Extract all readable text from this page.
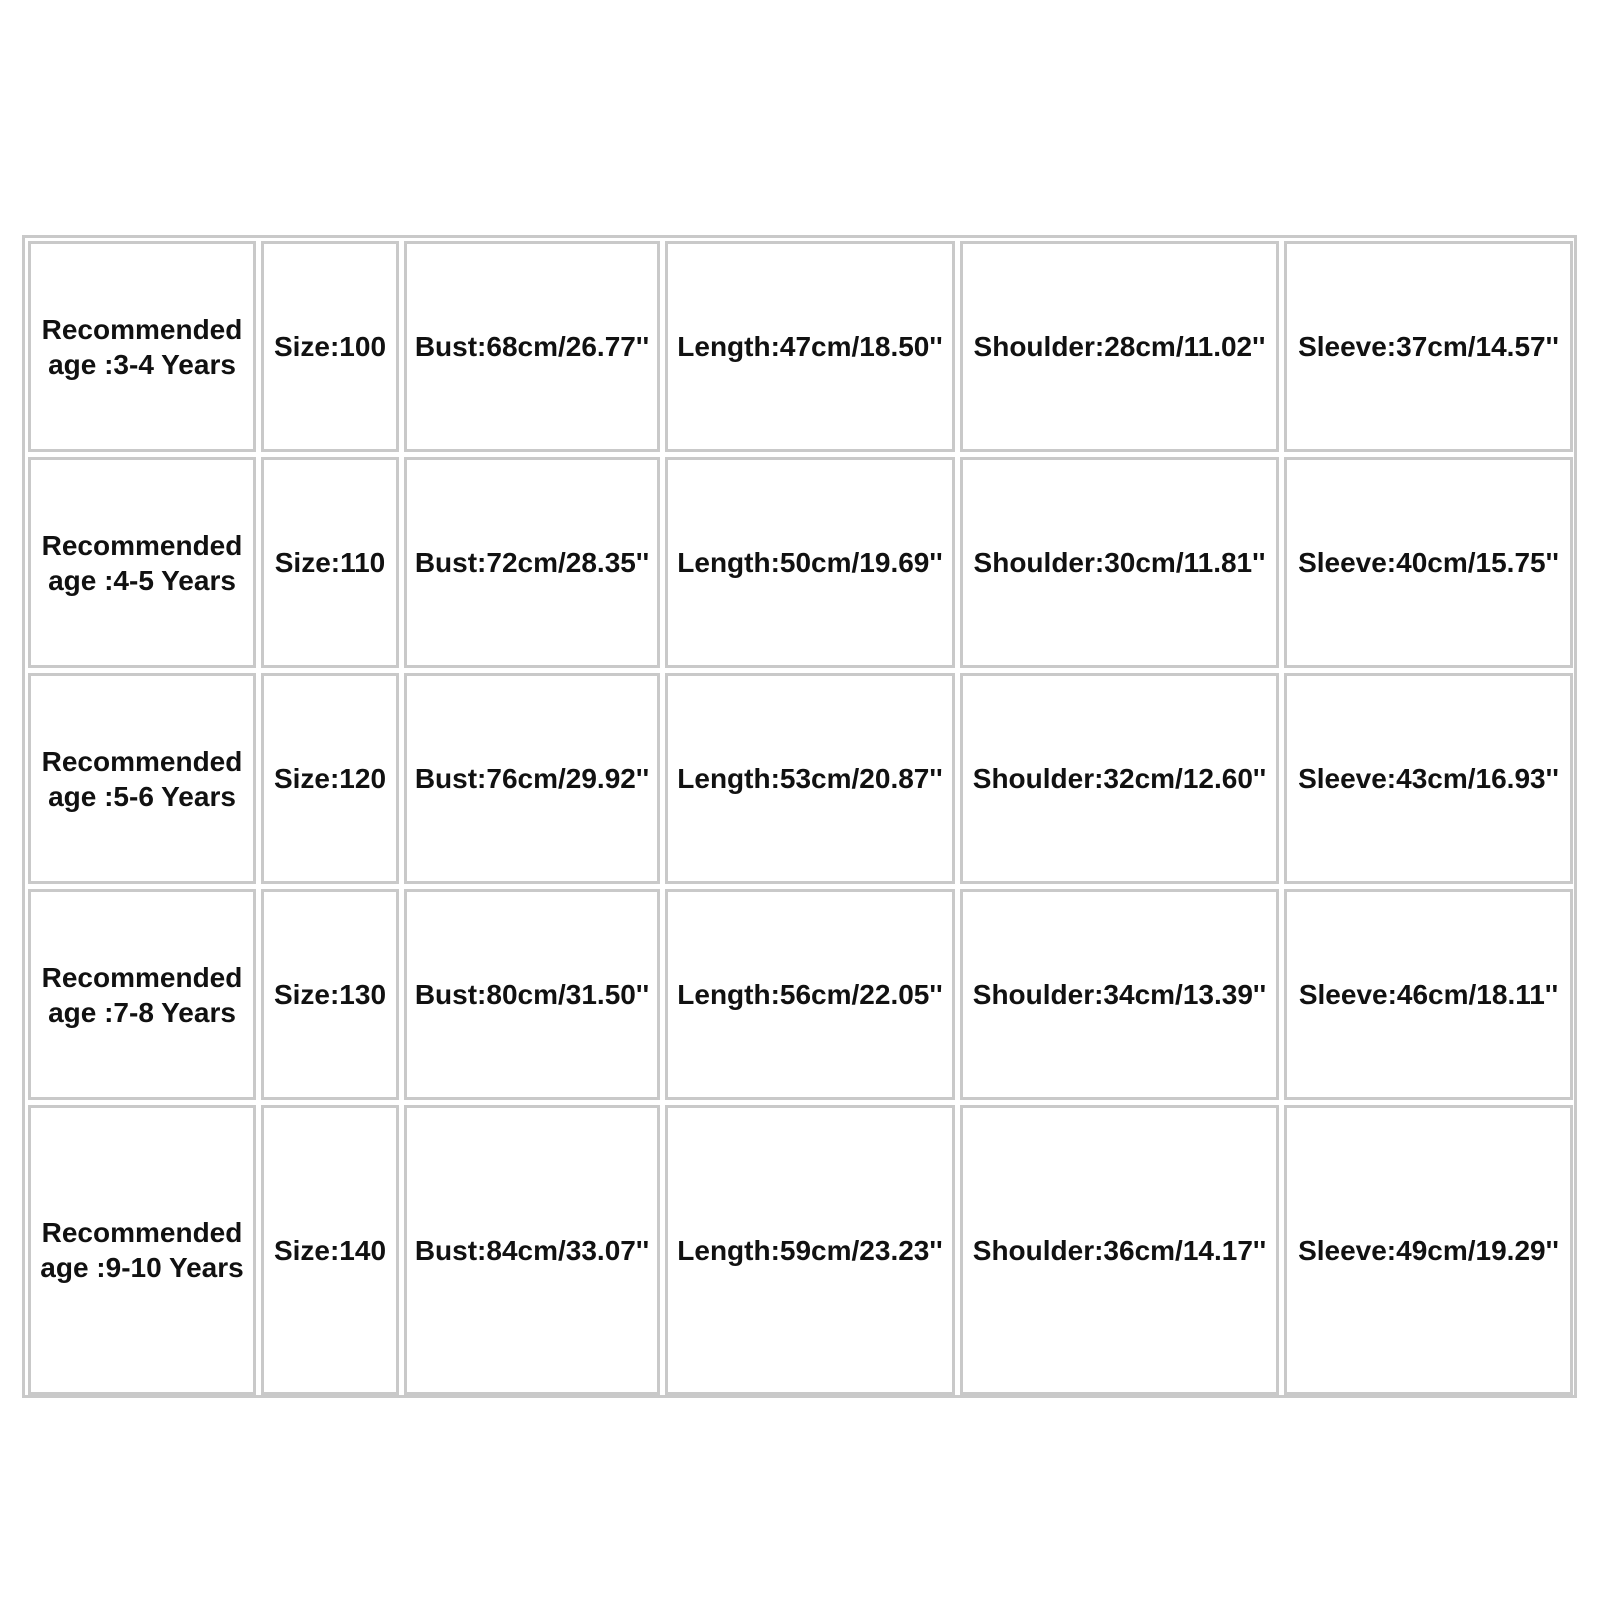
Recommended age :3-4 Years	Size:100	Bust:68cm/26.77''	Length:47cm/18.50''	Shoulder:28cm/11.02''	Sleeve:37cm/14.57''
Recommended age :4-5 Years	Size:110	Bust:72cm/28.35''	Length:50cm/19.69''	Shoulder:30cm/11.81''	Sleeve:40cm/15.75''
Recommended age :5-6 Years	Size:120	Bust:76cm/29.92''	Length:53cm/20.87''	Shoulder:32cm/12.60''	Sleeve:43cm/16.93''
Recommended age :7-8 Years	Size:130	Bust:80cm/31.50''	Length:56cm/22.05''	Shoulder:34cm/13.39''	Sleeve:46cm/18.11''
Recommended age :9-10 Years	Size:140	Bust:84cm/33.07''	Length:59cm/23.23''	Shoulder:36cm/14.17''	Sleeve:49cm/19.29''
